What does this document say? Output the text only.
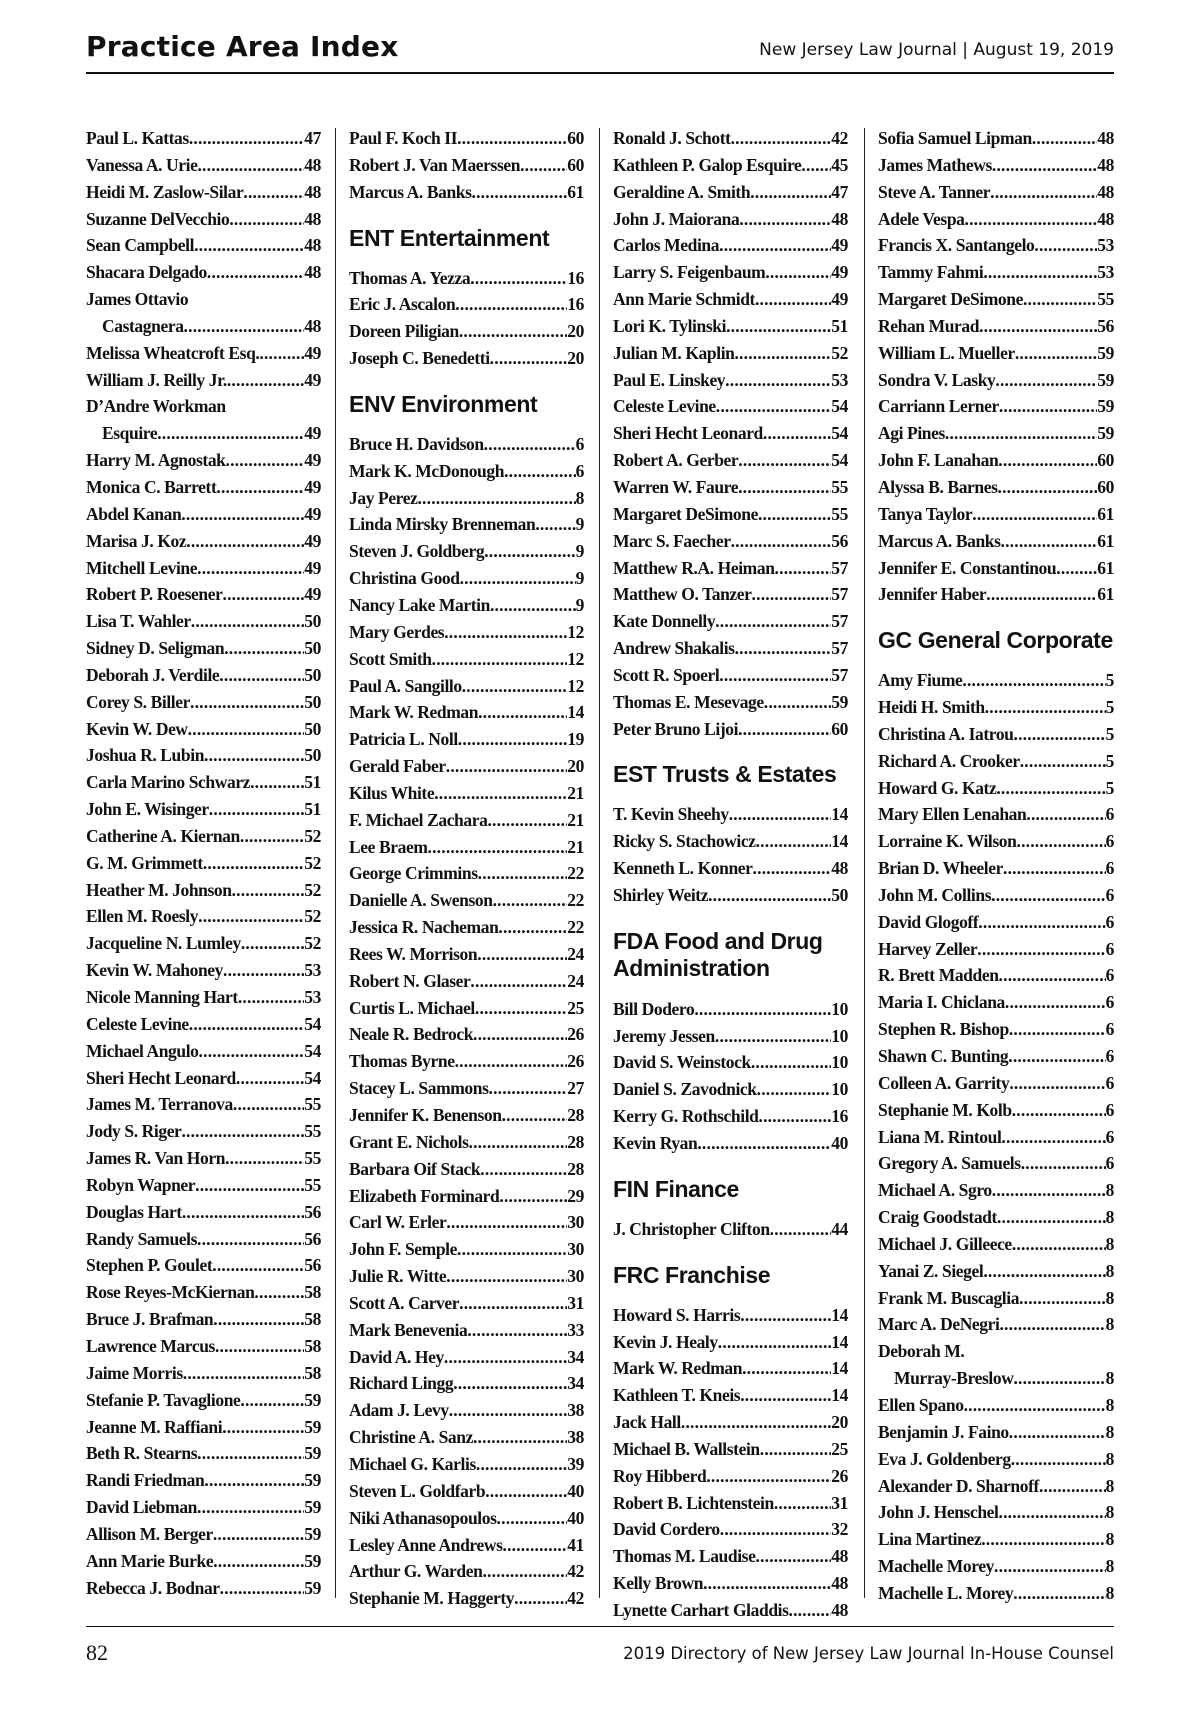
Practice Area Index	New Jersey Law Journal | August 19, 2019
Paul L. Kattas .....	47
Vanessa A. Urie .....	48
Heidi M. Zaslow-Silar .....	48
Suzanne DelVecchio .....	48
Sean Campbell .....	48
Shacara Delgado .....	48
James Ottavio
Castagnera .....	48
Melissa Wheatcroft Esq. .....	49
William J. Reilly Jr. .....	49
D’Andre Workman
Esquire .....	49
Harry M. Agnostak .....	49
Monica C. Barrett .....	49
Abdel Kanan .....	49
Marisa J. Koz .....	49
Mitchell Levine .....	49
Robert P. Roesener .....	49
Lisa T. Wahler .....	50
Sidney D. Seligman .....	50
Deborah J. Verdile .....	50
Corey S. Biller .....	50
Kevin W. Dew .....	50
Joshua R. Lubin .....	50
Carla Marino Schwarz .....	51
John E. Wisinger .....	51
Catherine A. Kiernan .....	52
G. M. Grimmett .....	52
Heather M. Johnson .....	52
Ellen M. Roesly .....	52
Jacqueline N. Lumley .....	52
Kevin W. Mahoney .....	53
Nicole Manning Hart .....	53
Celeste Levine .....	54
Michael Angulo .....	54
Sheri Hecht Leonard .....	54
James M. Terranova .....	55
Jody S. Riger .....	55
James R. Van Horn .....	55
Robyn Wapner .....	55
Douglas Hart .....	56
Randy Samuels .....	56
Stephen P. Goulet .....	56
Rose Reyes-McKiernan .....	58
Bruce J. Brafman .....	58
Lawrence Marcus .....	58
Jaime Morris .....	58
Stefanie P. Tavaglione .....	59
Jeanne M. Raffiani .....	59
Beth R. Stearns .....	59
Randi Friedman .....	59
David Liebman .....	59
Allison M. Berger .....	59
Ann Marie Burke .....	59
Rebecca J. Bodnar .....	59
Paul F. Koch II .....	60
Robert J. Van Maerssen .....	60
Marcus A. Banks .....	61
ENT Entertainment
Thomas A. Yezza .....	16
Eric J. Ascalon .....	16
Doreen Piligian .....	20
Joseph C. Benedetti .....	20
ENV Environment
Bruce H. Davidson .....	6
Mark K. McDonough .....	6
Jay Perez .....	8
Linda Mirsky Brenneman ..... 9
Steven J. Goldberg .....	9
Christina Good .....	9
Nancy Lake Martin .....	9
Mary Gerdes .....	12
Scott Smith .....	12
Paul A. Sangillo .....	12
Mark W. Redman .....	14
Patricia L. Noll .....	19
Gerald Faber .....	20
Kilus White .....	21
F. Michael Zachara .....	21
Lee Braem .....	21
George Crimmins .....	22
Danielle A. Swenson .....	22
Jessica R. Nacheman .....	22
Rees W. Morrison .....	24
Robert N. Glaser .....	24
Curtis L. Michael .....	25
Neale R. Bedrock .....	26
Thomas Byrne .....	26
Stacey L. Sammons .....	27
Jennifer K. Benenson .....	28
Grant E. Nichols .....	28
Barbara Oif Stack .....	28
Elizabeth Forminard .....	29
Carl W. Erler .....	30
John F. Semple .....	30
Julie R. Witte .....	30
Scott A. Carver .....	31
Mark Benevenia .....	33
David A. Hey .....	34
Richard Lingg .....	34
Adam J. Levy .....	38
Christine A. Sanz .....	38
Michael G. Karlis .....	39
Steven L. Goldfarb .....	40
Niki Athanasopoulos .....	40
Lesley Anne Andrews .....	41
Arthur G. Warden .....	42
Stephanie M. Haggerty .....	42
Ronald J. Schott .....	42
Kathleen P. Galop Esquire ..... 45
Geraldine A. Smith .....	47
John J. Maiorana .....	48
Carlos Medina .....	49
Larry S. Feigenbaum .....	49
Ann Marie Schmidt .....	49
Lori K. Tylinski .....	51
Julian M. Kaplin .....	52
Paul E. Linskey .....	53
Celeste Levine .....	54
Sheri Hecht Leonard .....	54
Robert A. Gerber .....	54
Warren W. Faure .....	55
Margaret DeSimone .....	55
Marc S. Faecher .....	56
Matthew R.A. Heiman .....	57
Matthew O. Tanzer .....	57
Kate Donnelly .....	57
Andrew Shakalis .....	57
Scott R. Spoerl .....	57
Thomas E. Mesevage .....	59
Peter Bruno Lijoi .....	60
EST Trusts & Estates
T. Kevin Sheehy .....	14
Ricky S. Stachowicz .....	14
Kenneth L. Konner .....	48
Shirley Weitz .....	50
FDA Food and Drug
Administration
Bill Dodero .....	10
Jeremy Jessen .....	10
David S. Weinstock .....	10
Daniel S. Zavodnick .....	10
Kerry G. Rothschild .....	16
Kevin Ryan .....	40
FIN Finance
J. Christopher Clifton .....	44
FRC Franchise
Howard S. Harris .....	14
Kevin J. Healy .....	14
Mark W. Redman .....	14
Kathleen T. Kneis .....	14
Jack Hall .....	20
Michael B. Wallstein .....	25
Roy Hibberd .....	26
Robert B. Lichtenstein .....	31
David Cordero .....	32
Thomas M. Laudise .....	48
Kelly Brown .....	48
Lynette Carhart Gladdis ..... 48
Sofia Samuel Lipman .....	48
James Mathews .....	48
Steve A. Tanner .....	48
Adele Vespa .....	48
Francis X. Santangelo .....	53
Tammy Fahmi .....	53
Margaret DeSimone .....	55
Rehan Murad .....	56
William L. Mueller .....	59
Sondra V. Lasky .....	59
Carriann Lerner .....	59
Agi Pines .....	59
John F. Lanahan .....	60
Alyssa B. Barnes .....	60
Tanya Taylor .....	61
Marcus A. Banks .....	61
Jennifer E. Constantinou ..... 61
Jennifer Haber .....	61
GC General Corporate
Amy Fiume .....	5
Heidi H. Smith .....	5
Christina A. Iatrou .....	5
Richard A. Crooker .....	5
Howard G. Katz .....	5
Mary Ellen Lenahan .....	6
Lorraine K. Wilson .....	6
Brian D. Wheeler .....	6
John M. Collins .....	6
David Glogoff .....	6
Harvey Zeller .....	6
R. Brett Madden .....	6
Maria I. Chiclana .....	6
Stephen R. Bishop .....	6
Shawn C. Bunting .....	6
Colleen A. Garrity .....	6
Stephanie M. Kolb .....	6
Liana M. Rintoul .....	6
Gregory A. Samuels .....	6
Michael A. Sgro .....	8
Craig Goodstadt .....	8
Michael J. Gilleece .....	8
Yanai Z. Siegel .....	8
Frank M. Buscaglia .....	8
Marc A. DeNegri .....	8
Deborah M.
Murray-Breslow .....	8
Ellen Spano .....	8
Benjamin J. Faino .....	8
Eva J. Goldenberg .....	8
Alexander D. Sharnoff .....	8
John J. Henschel .....	8
Lina Martinez .....	8
Machelle Morey .....	8
Machelle L. Morey .....	8
82	2019 Directory of New Jersey Law Journal In-House Counsel
